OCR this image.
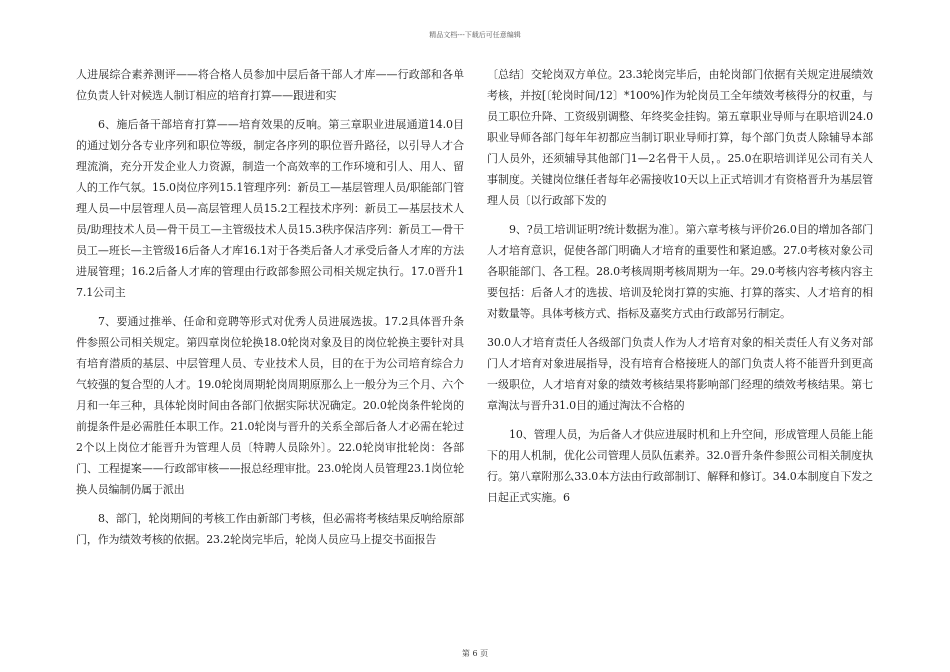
精品文档---下载后可任意编辑

人进展综合素养测评——将合格人员参加中层后备干部人才库——行政部和各单位负责人针对候选人制订相应的培育打算——跟进和实

6、施后备干部培育打算——培育效果的反响。第三章职业进展通道14.0目的通过划分各专业序列和职位等级，制定各序列的职位晋升路径，以引导人才合理流淌，充分开发企业人力资源，制造一个高效率的工作环境和引人、用人、留人的工作气氛。15.0岗位序列15.1管理序列：新员工—基层管理人员/职能部门管理人员—中层管理人员—高层管理人员15.2工程技术序列：新员工—基层技术人员/助理技术人员—骨干员工—主管级技术人员15.3秩序保洁序列：新员工—骨干员工—班长—主管级16后备人才库16.1对于各类后备人才承受后备人才库的方法进展管理；16.2后备人才库的管理由行政部参照公司相关规定执行。17.0晋升17.1公司主

7、要通过推举、任命和竞聘等形式对优秀人员进展选拔。17.2具体晋升条件参照公司相关规定。第四章岗位轮换18.0轮岗对象及目的岗位轮换主要针对具有培育潜质的基层、中层管理人员、专业技术人员，目的在于为公司培育综合力气较强的复合型的人才。19.0轮岗周期轮岗周期原那么上一般分为三个月、六个月和一年三种，具体轮岗时间由各部门依据实际状况确定。20.0轮岗条件轮岗的前提条件是必需胜任本职工作。21.0轮岗与晋升的关系全部后备人才必需在轮过2个以上岗位才能晋升为管理人员〔特聘人员除外〕。22.0轮岗审批轮岗：各部门、工程提案——行政部审核——报总经理审批。23.0轮岗人员管理23.1岗位轮换人员编制仍属于派出

8、部门，轮岗期间的考核工作由新部门考核，但必需将考核结果反响给原部门，作为绩效考核的依据。23.2轮岗完毕后，轮岗人员应马上提交书面报告

〔总结〕交轮岗双方单位。23.3轮岗完毕后，由轮岗部门依据有关规定进展绩效考核，并按[〔轮岗时间/12〕*100%]作为轮岗员工全年绩效考核得分的权重，与员工职位升降、工资级别调整、年终奖金挂钩。第五章职业导师与在职培训24.0职业导师各部门每年年初都应当制订职业导师打算，每个部门负责人除辅导本部门人员外，还须辅导其他部门1—2名骨干人员，。25.0在职培训详见公司有关人事制度。关键岗位继任者每年必需接收10天以上正式培训才有资格晋升为基层管理人员〔以行政部下发的

9、?员工培训证明?统计数据为准〕。第六章考核与评价26.0目的增加各部门人才培育意识，促使各部门明确人才培育的重要性和紧迫感。27.0考核对象公司各职能部门、各工程。28.0考核周期考核周期为一年。29.0考核内容考核内容主要包括：后备人才的选拔、培训及轮岗打算的实施、打算的落实、人才培育的相对数量等。具体考核方式、指标及嘉奖方式由行政部另行制定。

30.0人才培育责任人各级部门负责人作为人才培育对象的相关责任人有义务对部门人才培育对象进展指导，没有培育合格接班人的部门负责人将不能晋升到更高一级职位，人才培育对象的绩效考核结果将影响部门经理的绩效考核结果。第七章淘汰与晋升31.0目的通过淘汰不合格的

10、管理人员，为后备人才供应进展时机和上升空间，形成管理人员能上能下的用人机制，优化公司管理人员队伍素养。32.0晋升条件参照公司相关制度执行。第八章附那么33.0本方法由行政部制订、解释和修订。34.0本制度自下发之日起正式实施。6

第 6 页
